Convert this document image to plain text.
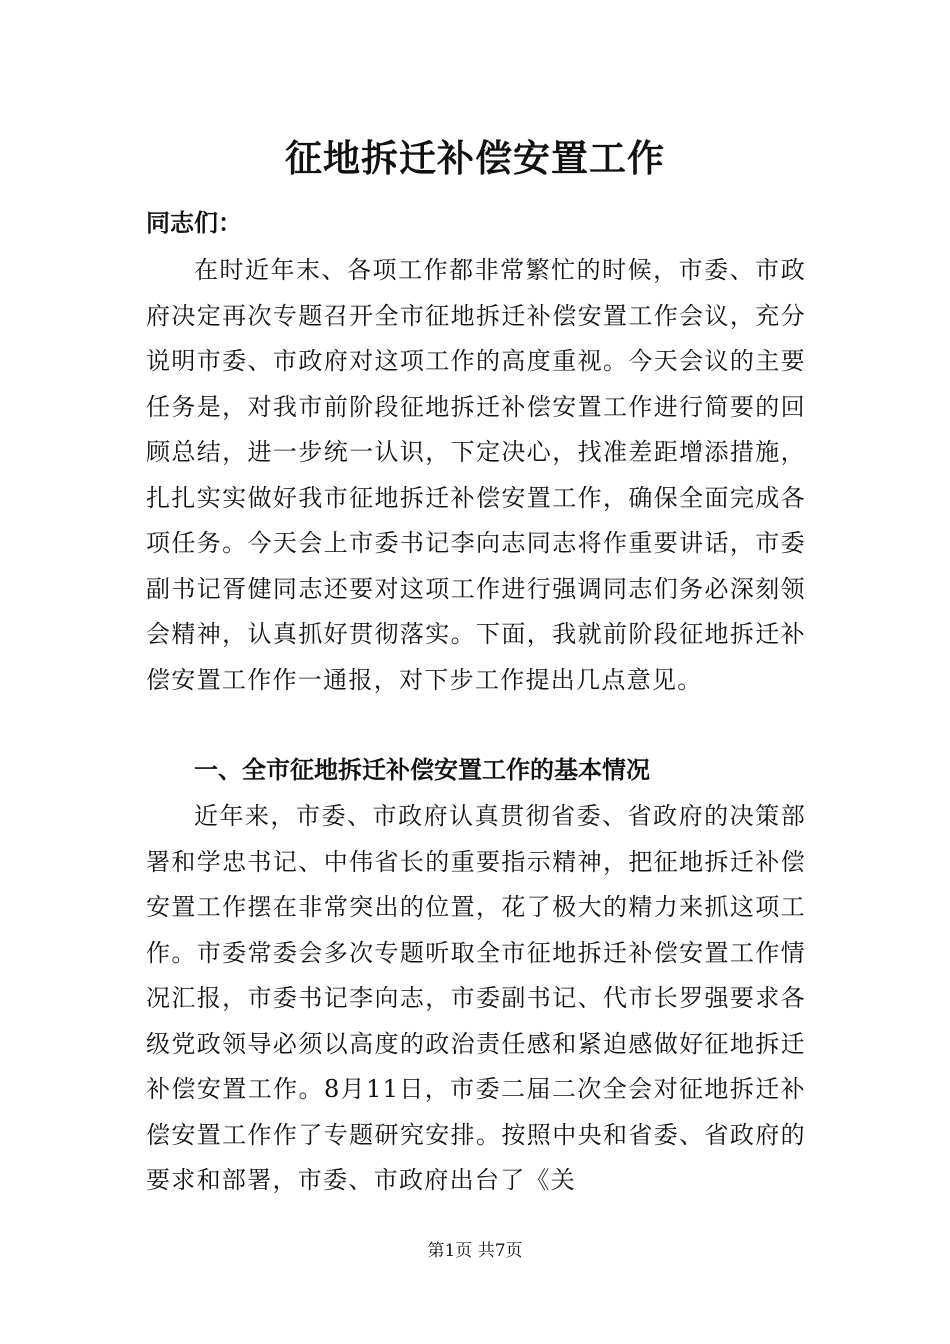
征地拆迁补偿安置工作
同志们：

在时近年末、各项工作都非常繁忙的时候，市委、市政府决定再次专题召开全市征地拆迁补偿安置工作会议，充分说明市委、市政府对这项工作的高度重视。今天会议的主要任务是，对我市前阶段征地拆迁补偿安置工作进行简要的回顾总结，进一步统一认识，下定决心，找准差距增添措施，扎扎实实做好我市征地拆迁补偿安置工作，确保全面完成各项任务。今天会上市委书记李向志同志将作重要讲话，市委副书记胥健同志还要对这项工作进行强调同志们务必深刻领会精神，认真抓好贯彻落实。下面，我就前阶段征地拆迁补偿安置工作作一通报，对下步工作提出几点意见。

一、全市征地拆迁补偿安置工作的基本情况

近年来，市委、市政府认真贯彻省委、省政府的决策部署和学忠书记、中伟省长的重要指示精神，把征地拆迁补偿安置工作摆在非常突出的位置，花了极大的精力来抓这项工作。市委常委会多次专题听取全市征地拆迁补偿安置工作情况汇报，市委书记李向志，市委副书记、代市长罗强要求各级党政领导必须以高度的政治责任感和紧迫感做好征地拆迁补偿安置工作。8月11日，市委二届二次全会对征地拆迁补偿安置工作作了专题研究安排。按照中央和省委、省政府的要求和部署，市委、市政府出台了《关

第1页 共7页
